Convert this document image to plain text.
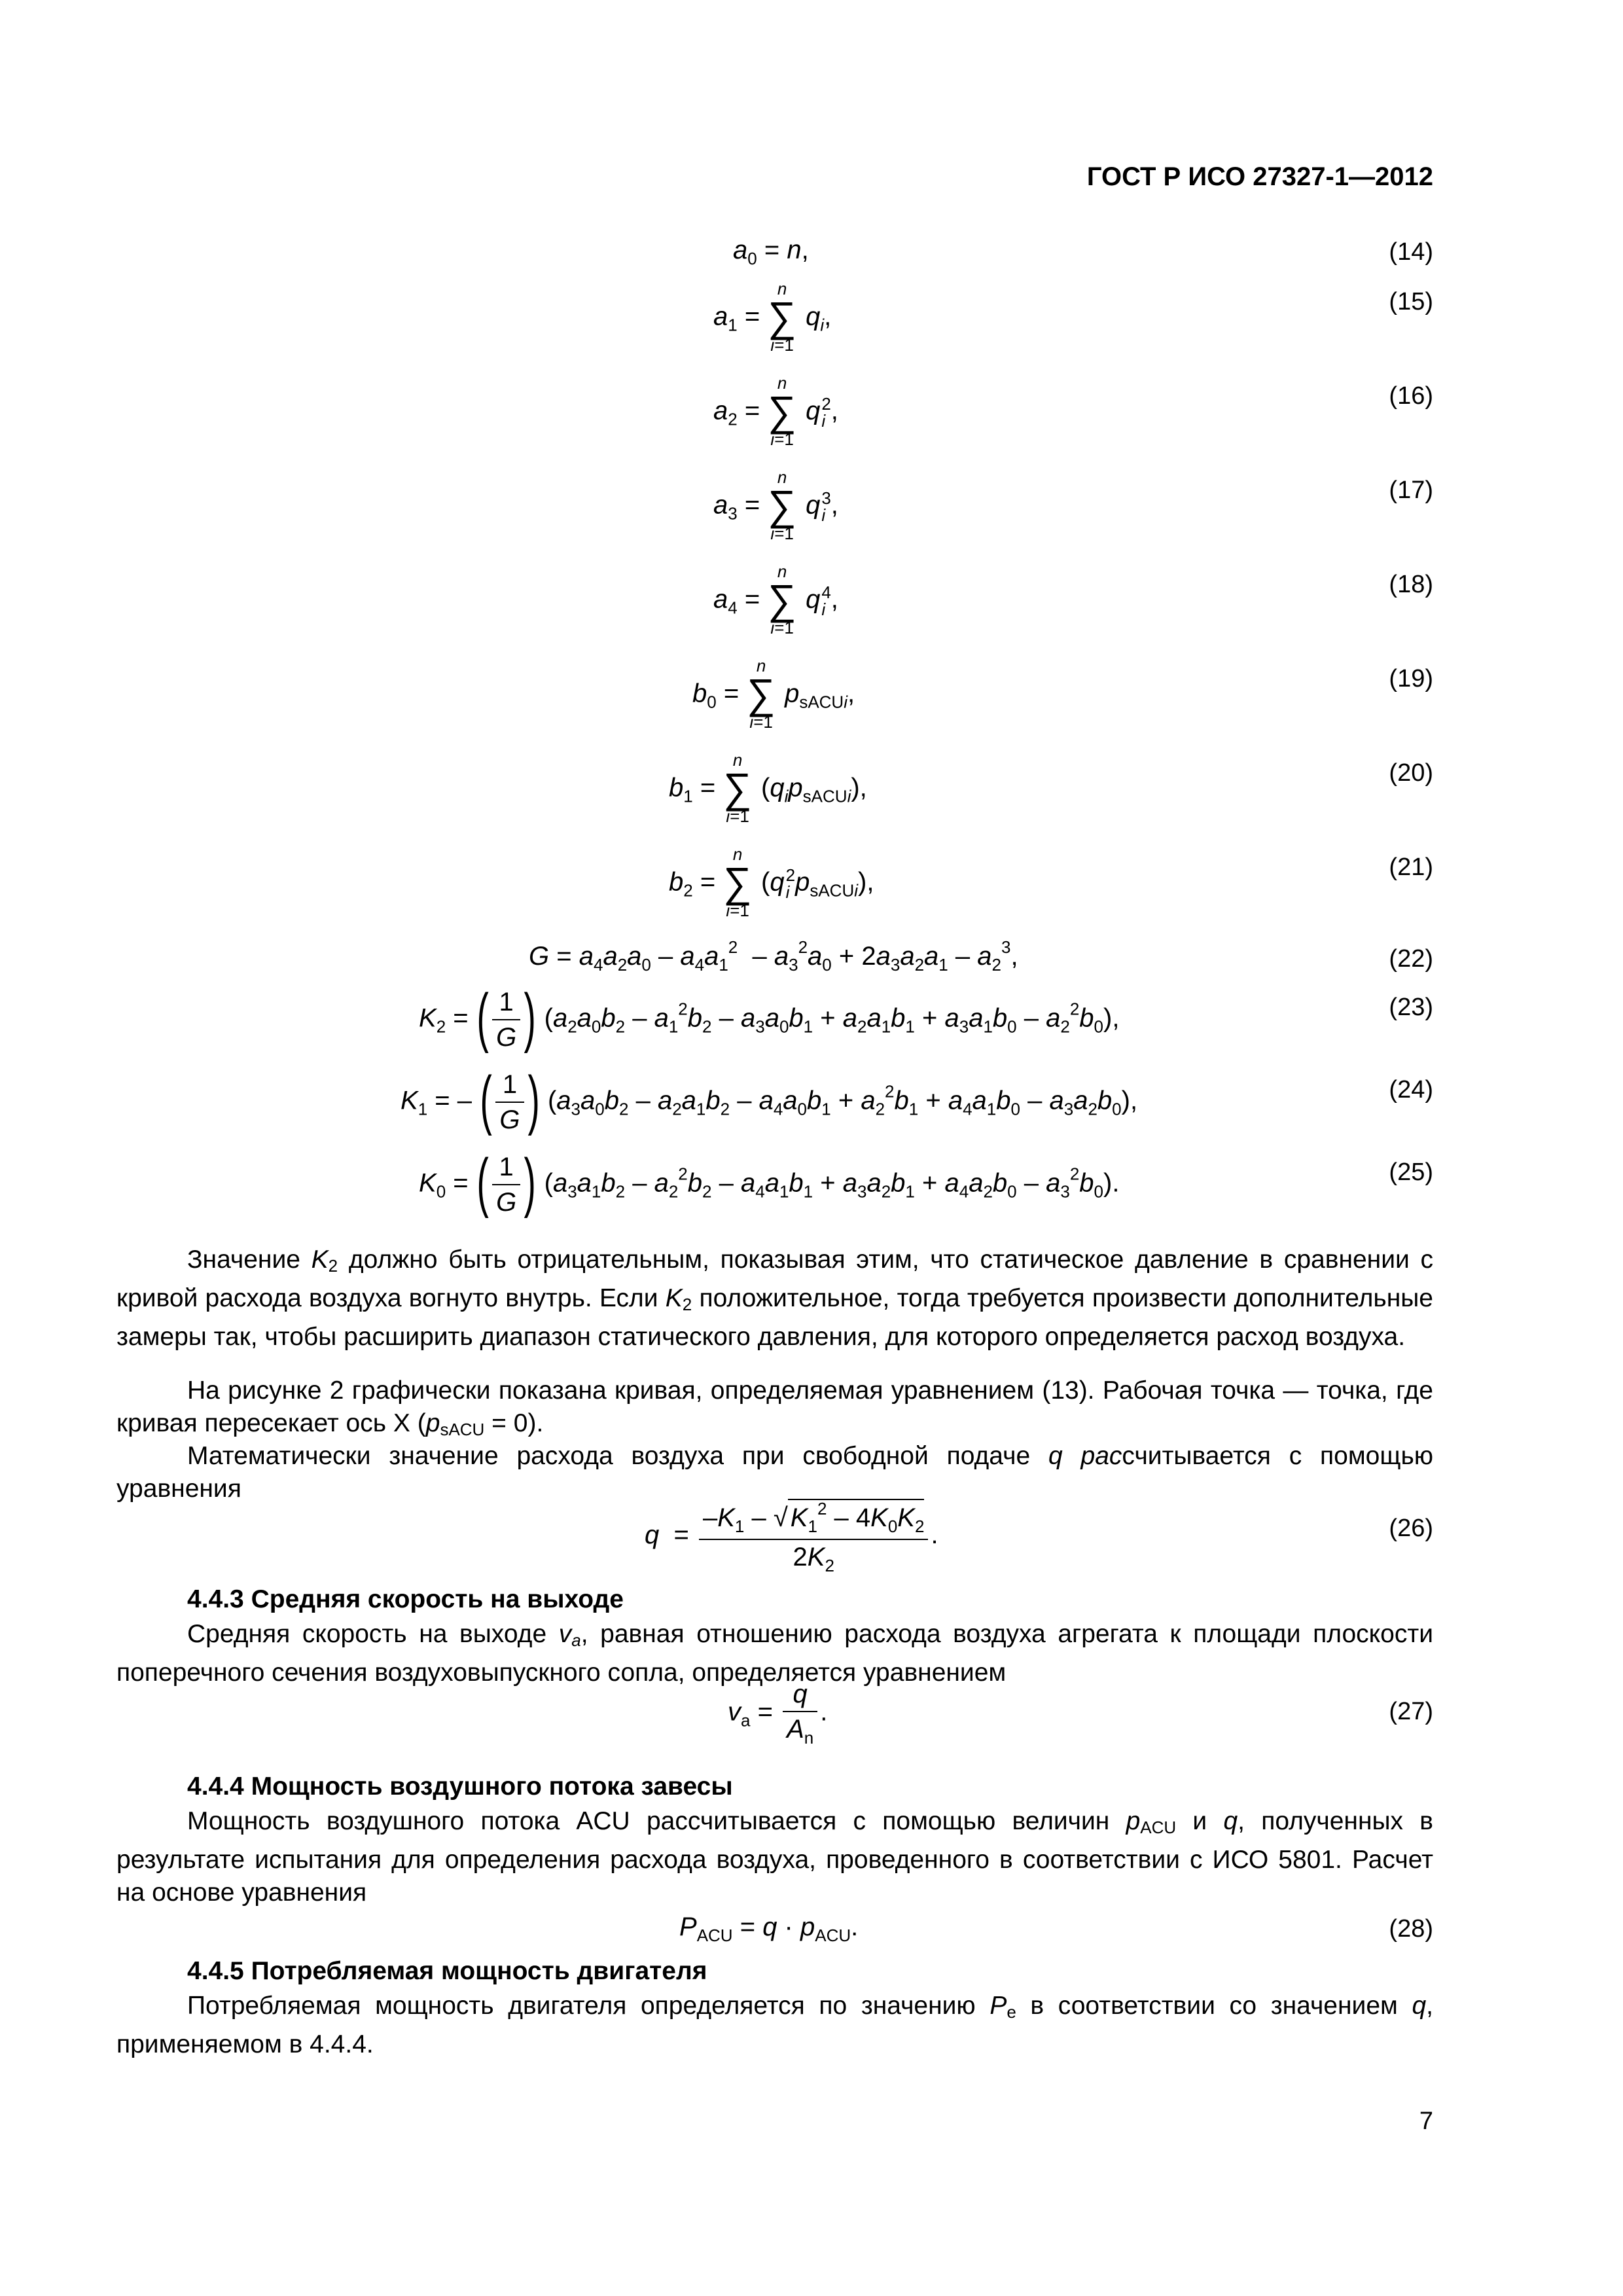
ГОСТ Р ИСО 27327-1—2012
$a_0 = n$,	(14)
$a_1$ =
n
∑
i=1
$q_i$,
(15)
$a_2$ =
n
∑
i=1
q 2
i ,
(16)
$a_3$ =
n
∑
i=1
q 3
i ,
(17)
$a_4$ =
n
∑
i=1
q 4
i ,
(18)
$b_0$ =
n
∑
i=1
$p_{sACUi}$,
(19)
$b_1$ =
n
∑
i=1
$(q_ip_{sACUi})$,
(20)
$b_2$ =
n
∑
i=1
(q 2
i $p_{sACUi}$),
(21)
$G = a_4a_2a_0 - a_4a_1^2 - a_3^2a_0 + 2a_3a_2a_1 - a_2^3$,	(22)
$K_2$ = ( $\frac{1}{G}$ ) $(a_2a_0b_2 - a_1^2b_2 - a_3a_0b_1 + a_2a_1b_1 + a_3a_1b_0 - a_2^2b_0)$,	(23)
$K_1$ = – ( $\frac{1}{G}$ ) $(a_3a_0b_2 - a_2a_1b_2 - a_4a_0b_1 + a_2^2b_1 + a_4a_1b_0 - a_3a_2b_0)$,	(24)
$K_0$ = ( $\frac{1}{G}$ ) $(a_3a_1b_2 - a_2^2b_2 - a_4a_1b_1 + a_3a_2b_1 + a_4a_2b_0 - a_3^2b_0)$.	(25)
Значение $K_2$ должно быть отрицательным, показывая этим, что статическое давление в сравнении с кривой расхода воздуха вогнуто внутрь. Если $K_2$ положительное, тогда требуется произвести дополнительные замеры так, чтобы расширить диапазон статического давления, для которого определяется расход воздуха.
На рисунке 2 графически показана кривая, определяемая уравнением (13). Рабочая точка — точка, где кривая пересекает ось X $(p_{sACU} = 0)$.
Математически значение расхода воздуха при свободной подаче q рассчитывается с помощью уравнения
$q = \frac{-K_1 - √ K_1^2 - 4K_0K_2}{2K_2}$ .	(26)
4.4.3 Средняя скорость на выходе
Средняя скорость на выходе $v_a$, равная отношению расхода воздуха агрегата к площади плоскости поперечного сечения воздуховыпускного сопла, определяется уравнением
$v_a = \frac{q}{A_n}$ .	(27)
4.4.4 Мощность воздушного потока завесы
Мощность воздушного потока ACU рассчитывается с помощью величин $p_{ACU}$ и q, полученных в результате испытания для определения расхода воздуха, проведенного в соответствии с ИСО 5801. Расчет на основе уравнения
$P_{ACU} = q \cdot p_{ACU}$.	(28)
4.4.5 Потребляемая мощность двигателя
Потребляемая мощность двигателя определяется по значению $P_e$ в соответствии со значением q, применяемом в 4.4.4.
7
